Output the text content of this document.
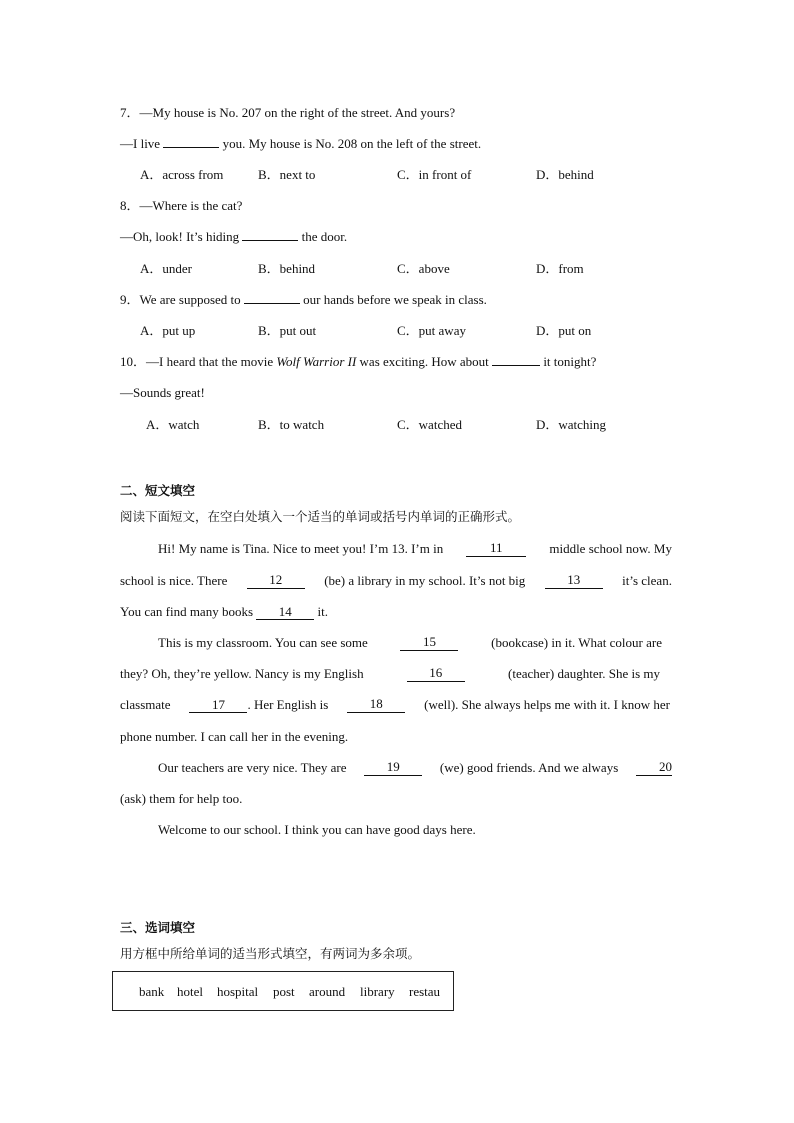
7．—My house is No. 207 on the right of the street. And yours?
—I live	you. My house is No. 208 on the left of the street.
A．across from	B．next to	C．in front of	D．behind
8．—Where is the cat?
—Oh, look! It’s hiding	the door.
A．under	B．behind	C．above	D．from
9．We are supposed to	our hands before we speak in class.
A．put up	B．put out	C．put away	D．put on
10．—I heard that the movie Wolf Warrior II was exciting. How about	it tonight?
—Sounds great!
A．watch	B．to watch	C．watched	D．watching
二、短文填空
阅读下面短文，在空白处填入一个适当的单词或括号内单词的正确形式。
Hi! My name is Tina. Nice to meet you! I’m 13. I’m in	11	middle school now. My
school is nice. There	12	(be) a library in my school. It’s not big	13	it’s clean.
You can find many books 14 it.
This is my classroom. You can see some	15	(bookcase) in it. What colour are
they? Oh, they’re yellow. Nancy is my English	16	(teacher) daughter. She is my
classmate	17 . Her English is	18	(well). She always helps me with it. I know her
phone number. I can call her in the evening.
Our teachers are very nice. They are	19	(we) good friends. And we always	20
(ask) them for help too.
Welcome to our school. I think you can have good days here.
三、选词填空
用方框中所给单词的适当形式填空，有两词为多余项。
bank hotel hospital post around library restau
